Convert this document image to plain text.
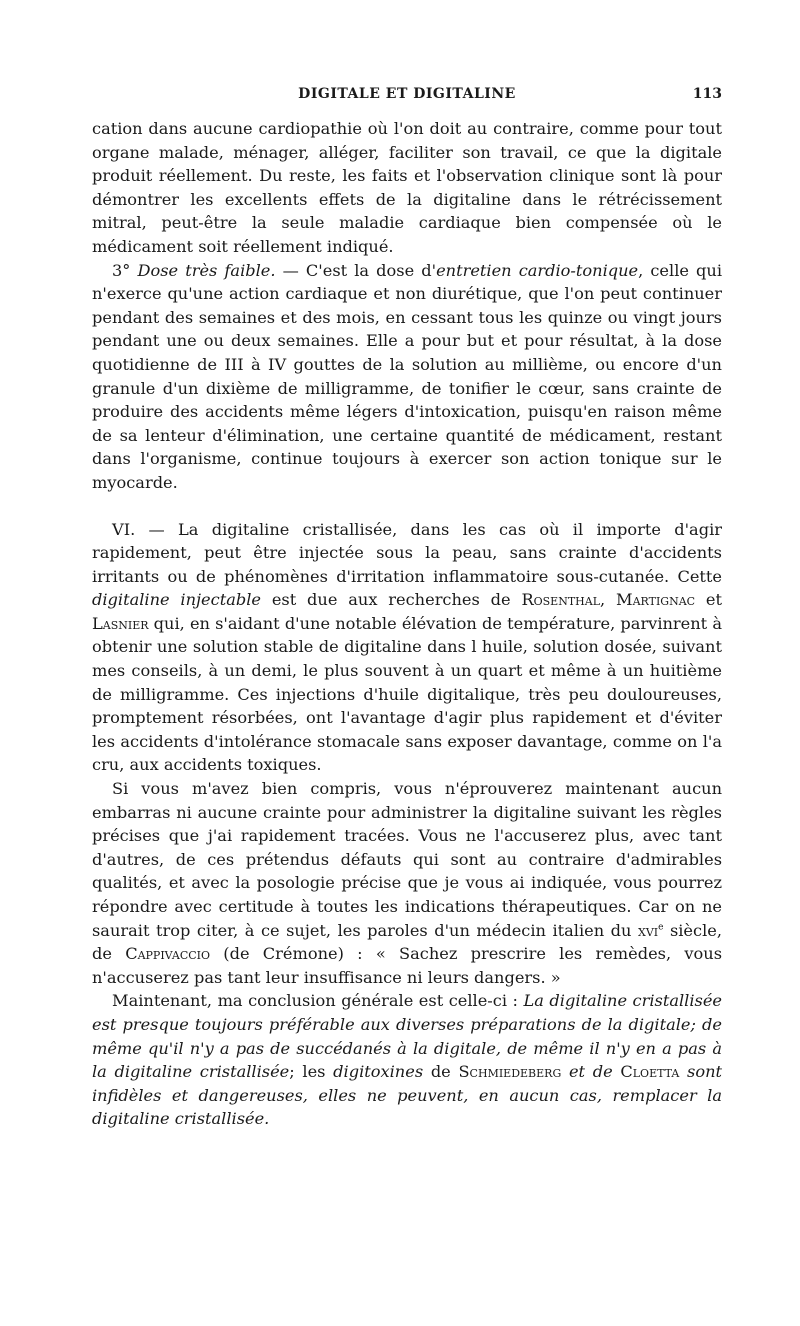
DIGITALE ET DIGITALINE	113

cation dans aucune cardiopathie où l'on doit au contraire, comme pour tout organe malade, ménager, alléger, faciliter son travail, ce que la digitale produit réellement. Du reste, les faits et l'observation clinique sont là pour démontrer les excellents effets de la digitaline dans le rétrécissement mitral, peut-être la seule maladie cardiaque bien compensée où le médicament soit réellement indiqué.

3° Dose très faible. — C'est la dose d'entretien cardio-tonique, celle qui n'exerce qu'une action cardiaque et non diurétique, que l'on peut continuer pendant des semaines et des mois, en cessant tous les quinze ou vingt jours pendant une ou deux semaines. Elle a pour but et pour résultat, à la dose quotidienne de III à IV gouttes de la solution au millième, ou encore d'un granule d'un dixième de milligramme, de tonifier le cœur, sans crainte de produire des accidents même légers d'intoxication, puisqu'en raison même de sa lenteur d'élimination, une certaine quantité de médicament, restant dans l'organisme, continue toujours à exercer son action tonique sur le myocarde.

VI. — La digitaline cristallisée, dans les cas où il importe d'agir rapidement, peut être injectée sous la peau, sans crainte d'accidents irritants ou de phénomènes d'irritation inflammatoire sous-cutanée. Cette digitaline injectable est due aux recherches de Rosenthal, Martignac et Lasnier qui, en s'aidant d'une notable élévation de température, parvinrent à obtenir une solution stable de digitaline dans l huile, solution dosée, suivant mes conseils, à un demi, le plus souvent à un quart et même à un huitième de milligramme. Ces injections d'huile digitalique, très peu douloureuses, promptement résorbées, ont l'avantage d'agir plus rapidement et d'éviter les accidents d'intolérance stomacale sans exposer davantage, comme on l'a cru, aux accidents toxiques.

Si vous m'avez bien compris, vous n'éprouverez maintenant aucun embarras ni aucune crainte pour administrer la digitaline suivant les règles précises que j'ai rapidement tracées. Vous ne l'accuserez plus, avec tant d'autres, de ces prétendus défauts qui sont au contraire d'admirables qualités, et avec la posologie précise que je vous ai indiquée, vous pourrez répondre avec certitude à toutes les indications thérapeutiques. Car on ne saurait trop citer, à ce sujet, les paroles d'un médecin italien du xvi$^e$ siècle, de Cappivaccio (de Crémone) : « Sachez prescrire les remèdes, vous n'accuserez pas tant leur insuffisance ni leurs dangers. »

Maintenant, ma conclusion générale est celle-ci : La digitaline cristallisée est presque toujours préférable aux diverses préparations de la digitale; de même qu'il n'y a pas de succédanés à la digitale, de même il n'y en a pas à la digitaline cristallisée; les digitoxines de Schmiedeberg et de Cloetta sont infidèles et dangereuses, elles ne peuvent, en aucun cas, remplacer la digitaline cristallisée.
